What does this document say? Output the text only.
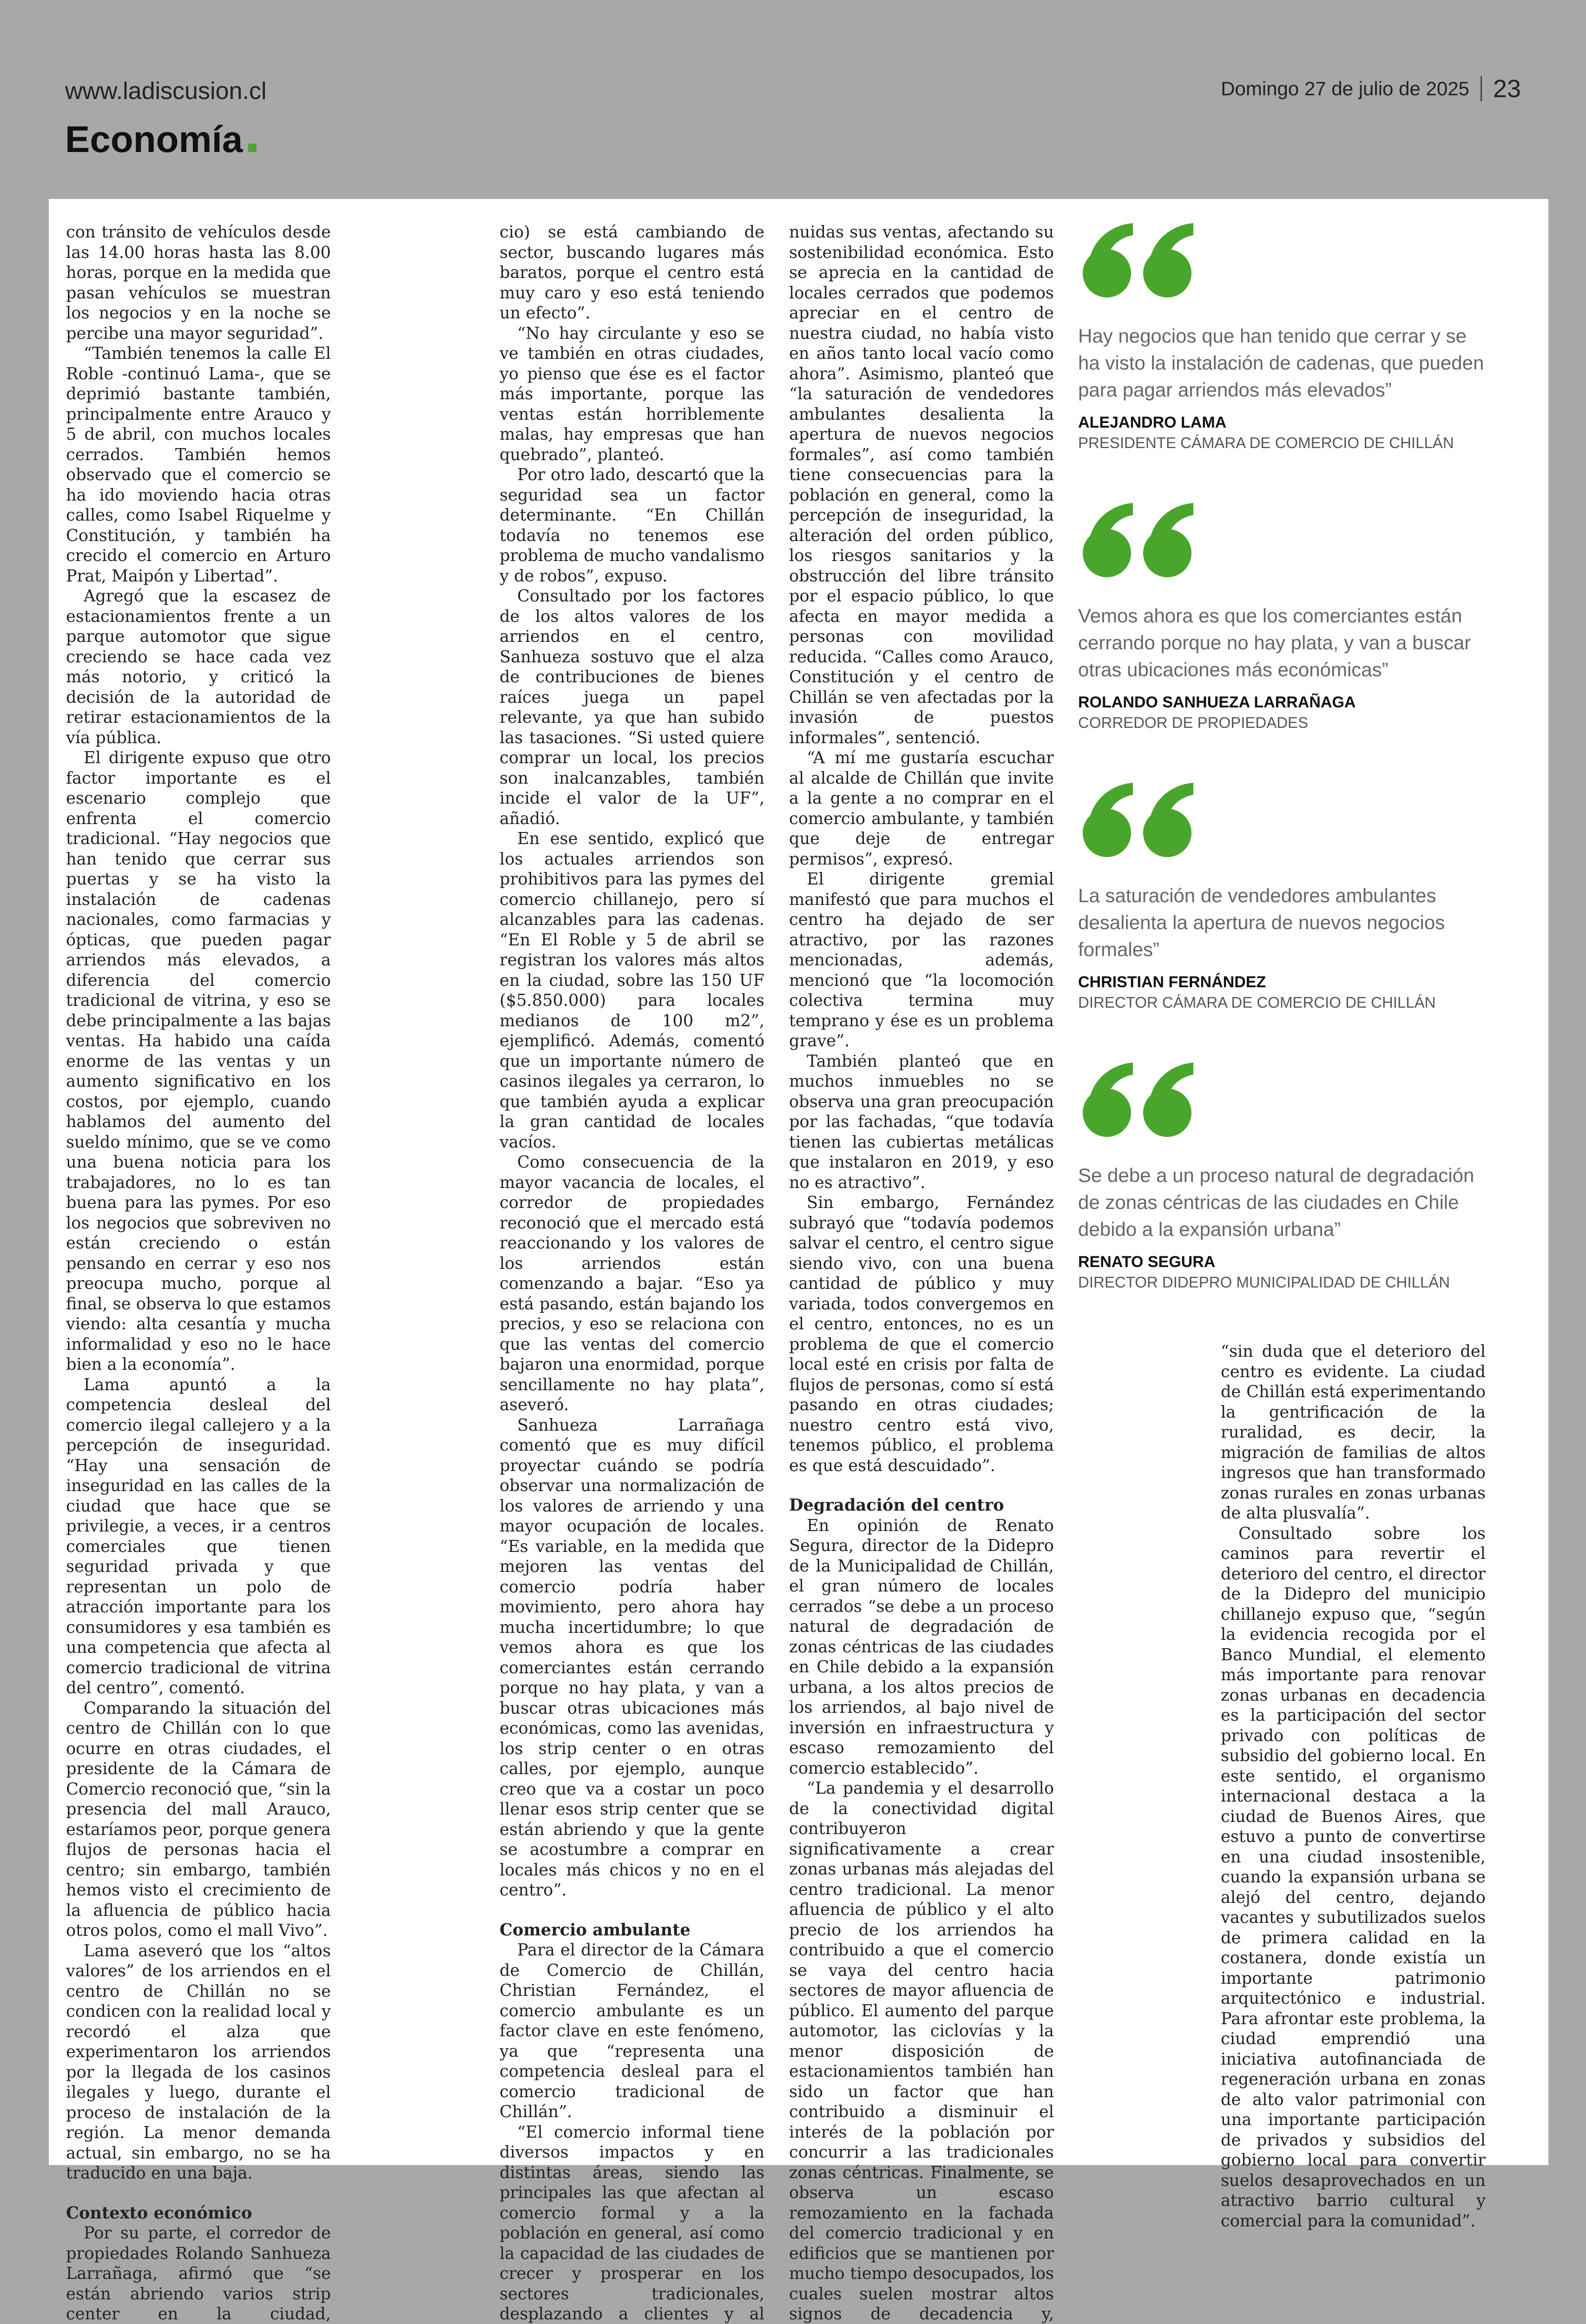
www.ladiscusion.cl	Domingo 27 de julio de 2025 23
Economía

con tránsito de vehículos desde las 14.00 horas hasta las 8.00 horas, porque en la medida que pasan vehículos se muestran los negocios y en la noche se percibe una mayor seguridad”.

“También tenemos la calle El Roble -continuó Lama-, que se deprimió bastante también, principalmente entre Arauco y 5 de abril, con muchos locales cerrados. También hemos observado que el comercio se ha ido moviendo hacia otras calles, como Isabel Riquelme y Constitución, y también ha crecido el comercio en Arturo Prat, Maipón y Libertad”.

Agregó que la escasez de estacionamientos frente a un parque automotor que sigue creciendo se hace cada vez más notorio, y criticó la decisión de la autoridad de retirar estacionamientos de la vía pública.

El dirigente expuso que otro factor importante es el escenario complejo que enfrenta el comercio tradicional. “Hay negocios que han tenido que cerrar sus puertas y se ha visto la instalación de cadenas nacionales, como farmacias y ópticas, que pueden pagar arriendos más elevados, a diferencia del comercio tradicional de vitrina, y eso se debe principalmente a las bajas ventas. Ha habido una caída enorme de las ventas y un aumento significativo en los costos, por ejemplo, cuando hablamos del aumento del sueldo mínimo, que se ve como una buena noticia para los trabajadores, no lo es tan buena para las pymes. Por eso los negocios que sobreviven no están creciendo o están pensando en cerrar y eso nos preocupa mucho, porque al final, se observa lo que estamos viendo: alta cesantía y mucha informalidad y eso no le hace bien a la economía”.

Lama apuntó a la competencia desleal del comercio ilegal callejero y a la percepción de inseguridad. “Hay una sensación de inseguridad en las calles de la ciudad que hace que se privilegie, a veces, ir a centros comerciales que tienen seguridad privada y que representan un polo de atracción importante para los consumidores y esa también es una competencia que afecta al comercio tradicional de vitrina del centro”, comentó.

Comparando la situación del centro de Chillán con lo que ocurre en otras ciudades, el presidente de la Cámara de Comercio reconoció que, “sin la presencia del mall Arauco, estaríamos peor, porque genera flujos de personas hacia el centro; sin embargo, también hemos visto el crecimiento de la afluencia de público hacia otros polos, como el mall Vivo”.

Lama aseveró que los “altos valores” de los arriendos en el centro de Chillán no se condicen con la realidad local y recordó el alza que experimentaron los arriendos por la llegada de los casinos ilegales y luego, durante el proceso de instalación de la región. La menor demanda actual, sin embargo, no se ha traducido en una baja.

Contexto económico

Por su parte, el corredor de propiedades Rolando Sanhueza Larrañaga, afirmó que “se están abriendo varios strip center en la ciudad,

cio) se está cambiando de sector, buscando lugares más baratos, porque el centro está muy caro y eso está teniendo un efecto”.

“No hay circulante y eso se ve también en otras ciudades, yo pienso que ése es el factor más importante, porque las ventas están horriblemente malas, hay empresas que han quebrado”, planteó.

Por otro lado, descartó que la seguridad sea un factor determinante. “En Chillán todavía no tenemos ese problema de mucho vandalismo y de robos”, expuso.

Consultado por los factores de los altos valores de los arriendos en el centro, Sanhueza sostuvo que el alza de contribuciones de bienes raíces juega un papel relevante, ya que han subido las tasaciones. “Si usted quiere comprar un local, los precios son inalcanzables, también incide el valor de la UF”, añadió.

En ese sentido, explicó que los actuales arriendos son prohibitivos para las pymes del comercio chillanejo, pero sí alcanzables para las cadenas. “En El Roble y 5 de abril se registran los valores más altos en la ciudad, sobre las 150 UF ($5.850.000) para locales medianos de 100 m2”, ejemplificó. Además, comentó que un importante número de casinos ilegales ya cerraron, lo que también ayuda a explicar la gran cantidad de locales vacíos.

Como consecuencia de la mayor vacancia de locales, el corredor de propiedades reconoció que el mercado está reaccionando y los valores de los arriendos están comenzando a bajar. “Eso ya está pasando, están bajando los precios, y eso se relaciona con que las ventas del comercio bajaron una enormidad, porque sencillamente no hay plata”, aseveró.

Sanhueza Larrañaga comentó que es muy difícil proyectar cuándo se podría observar una normalización de los valores de arriendo y una mayor ocupación de locales. “Es variable, en la medida que mejoren las ventas del comercio podría haber movimiento, pero ahora hay mucha incertidumbre; lo que vemos ahora es que los comerciantes están cerrando porque no hay plata, y van a buscar otras ubicaciones más económicas, como las avenidas, los strip center o en otras calles, por ejemplo, aunque creo que va a costar un poco llenar esos strip center que se están abriendo y que la gente se acostumbre a comprar en locales más chicos y no en el centro”.

Comercio ambulante

Para el director de la Cámara de Comercio de Chillán, Christian Fernández, el comercio ambulante es un factor clave en este fenómeno, ya que “representa una competencia desleal para el comercio tradicional de Chillán”.

“El comercio informal tiene diversos impactos y en distintas áreas, siendo las principales las que afectan al comercio formal y a la población en general, así como la capacidad de las ciudades de crecer y prosperar en los sectores tradicionales, desplazando a clientes y al

nuidas sus ventas, afectando su sostenibilidad económica. Esto se aprecia en la cantidad de locales cerrados que podemos apreciar en el centro de nuestra ciudad, no había visto en años tanto local vacío como ahora”. Asimismo, planteó que “la saturación de vendedores ambulantes desalienta la apertura de nuevos negocios formales”, así como también tiene consecuencias para la población en general, como la percepción de inseguridad, la alteración del orden público, los riesgos sanitarios y la obstrucción del libre tránsito por el espacio público, lo que afecta en mayor medida a personas con movilidad reducida. “Calles como Arauco, Constitución y el centro de Chillán se ven afectadas por la invasión de puestos informales”, sentenció.

“A mí me gustaría escuchar al alcalde de Chillán que invite a la gente a no comprar en el comercio ambulante, y también que deje de entregar permisos”, expresó.

El dirigente gremial manifestó que para muchos el centro ha dejado de ser atractivo, por las razones mencionadas, además, mencionó que “la locomoción colectiva termina muy temprano y ése es un problema grave”.

También planteó que en muchos inmuebles no se observa una gran preocupación por las fachadas, “que todavía tienen las cubiertas metálicas que instalaron en 2019, y eso no es atractivo”.

Sin embargo, Fernández subrayó que “todavía podemos salvar el centro, el centro sigue siendo vivo, con una buena cantidad de público y muy variada, todos convergemos en el centro, entonces, no es un problema de que el comercio local esté en crisis por falta de flujos de personas, como sí está pasando en otras ciudades; nuestro centro está vivo, tenemos público, el problema es que está descuidado”.

Degradación del centro

En opinión de Renato Segura, director de la Didepro de la Municipalidad de Chillán, el gran número de locales cerrados “se debe a un proceso natural de degradación de zonas céntricas de las ciudades en Chile debido a la expansión urbana, a los altos precios de los arriendos, al bajo nivel de inversión en infraestructura y escaso remozamiento del comercio establecido”.

“La pandemia y el desarrollo de la conectividad digital contribuyeron significativamente a crear zonas urbanas más alejadas del centro tradicional. La menor afluencia de público y el alto precio de los arriendos ha contribuido a que el comercio se vaya del centro hacia sectores de mayor afluencia de público. El aumento del parque automotor, las ciclovías y la menor disposición de estacionamientos también han sido un factor que han contribuido a disminuir el interés de la población por concurrir a las tradicionales zonas céntricas. Finalmente, se observa un escaso remozamiento en la fachada del comercio tradicional y en edificios que se mantienen por mucho tiempo desocupados, los cuales suelen mostrar altos signos de decadencia y,

“sin duda que el deterioro del centro es evidente. La ciudad de Chillán está experimentando la gentrificación de la ruralidad, es decir, la migración de familias de altos ingresos que han transformado zonas rurales en zonas urbanas de alta plusvalía”.

Consultado sobre los caminos para revertir el deterioro del centro, el director de la Didepro del municipio chillanejo expuso que, “según la evidencia recogida por el Banco Mundial, el elemento más importante para renovar zonas urbanas en decadencia es la participación del sector privado con políticas de subsidio del gobierno local. En este sentido, el organismo internacional destaca a la ciudad de Buenos Aires, que estuvo a punto de convertirse en una ciudad insostenible, cuando la expansión urbana se alejó del centro, dejando vacantes y subutilizados suelos de primera calidad en la costanera, donde existía un importante patrimonio arquitectónico e industrial. Para afrontar este problema, la ciudad emprendió una iniciativa autofinanciada de regeneración urbana en zonas de alto valor patrimonial con una importante participación de privados y subsidios del gobierno local para convertir suelos desaprovechados en un atractivo barrio cultural y comercial para la comunidad”.

Hay negocios que han tenido que cerrar y se ha visto la instalación de cadenas, que pueden para pagar arriendos más elevados”
ALEJANDRO LAMA
PRESIDENTE CÁMARA DE COMERCIO DE CHILLÁN
Vemos ahora es que los comerciantes están cerrando porque no hay plata, y van a buscar otras ubicaciones más económicas”
ROLANDO SANHUEZA LARRAÑAGA
CORREDOR DE PROPIEDADES
La saturación de vendedores ambulantes desalienta la apertura de nuevos negocios formales”
CHRISTIAN FERNÁNDEZ
DIRECTOR CÁMARA DE COMERCIO DE CHILLÁN
Se debe a un proceso natural de degradación de zonas céntricas de las ciudades en Chile debido a la expansión urbana”
RENATO SEGURA
DIRECTOR DIDEPRO MUNICIPALIDAD DE CHILLÁN
